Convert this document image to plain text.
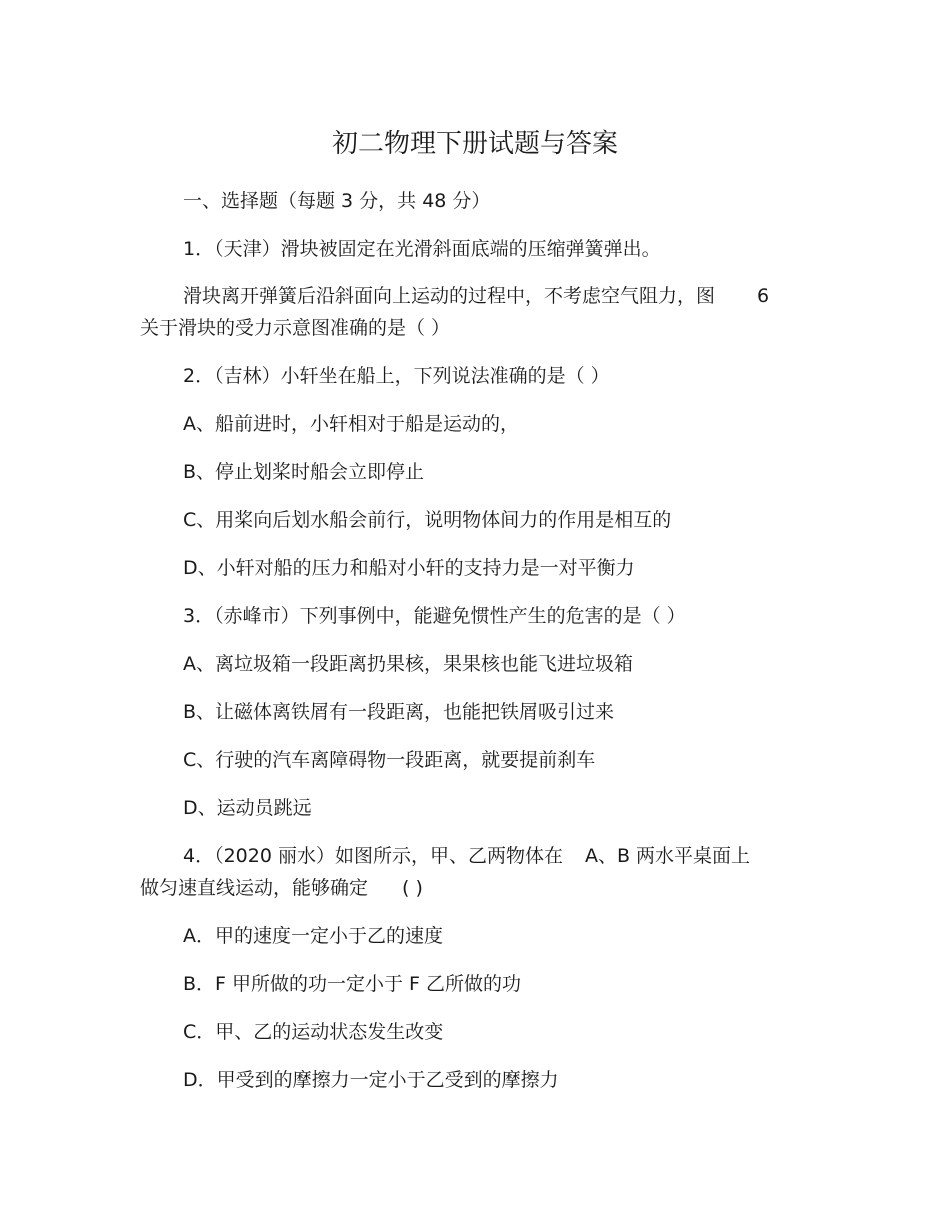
初二物理下册试题与答案
一、选择题（每题 3 分，共 48 分）
1．（天津）滑块被固定在光滑斜面底端的压缩弹簧弹出。
滑块离开弹簧后沿斜面向上运动的过程中，不考虑空气阻力，图 6
关于滑块的受力示意图准确的是（ ）
2．（吉林）小轩坐在船上，下列说法准确的是（ ）
A、船前进时，小轩相对于船是运动的，
B、停止划桨时船会立即停止
C、用桨向后划水船会前行，说明物体间力的作用是相互的
D、小轩对船的压力和船对小轩的支持力是一对平衡力
3．（赤峰市）下列事例中，能避免惯性产生的危害的是（ ）
A、离垃圾箱一段距离扔果核，果果核也能飞进垃圾箱
B、让磁体离铁屑有一段距离，也能把铁屑吸引过来
C、行驶的汽车离障碍物一段距离，就要提前刹车
D、运动员跳远
4．（2020 丽水）如图所示，甲、乙两物体在 A、B 两水平桌面上
做匀速直线运动，能够确定 ( )
A．甲的速度一定小于乙的速度
B．F 甲所做的功一定小于 F 乙所做的功
C．甲、乙的运动状态发生改变
D．甲受到的摩擦力一定小于乙受到的摩擦力
